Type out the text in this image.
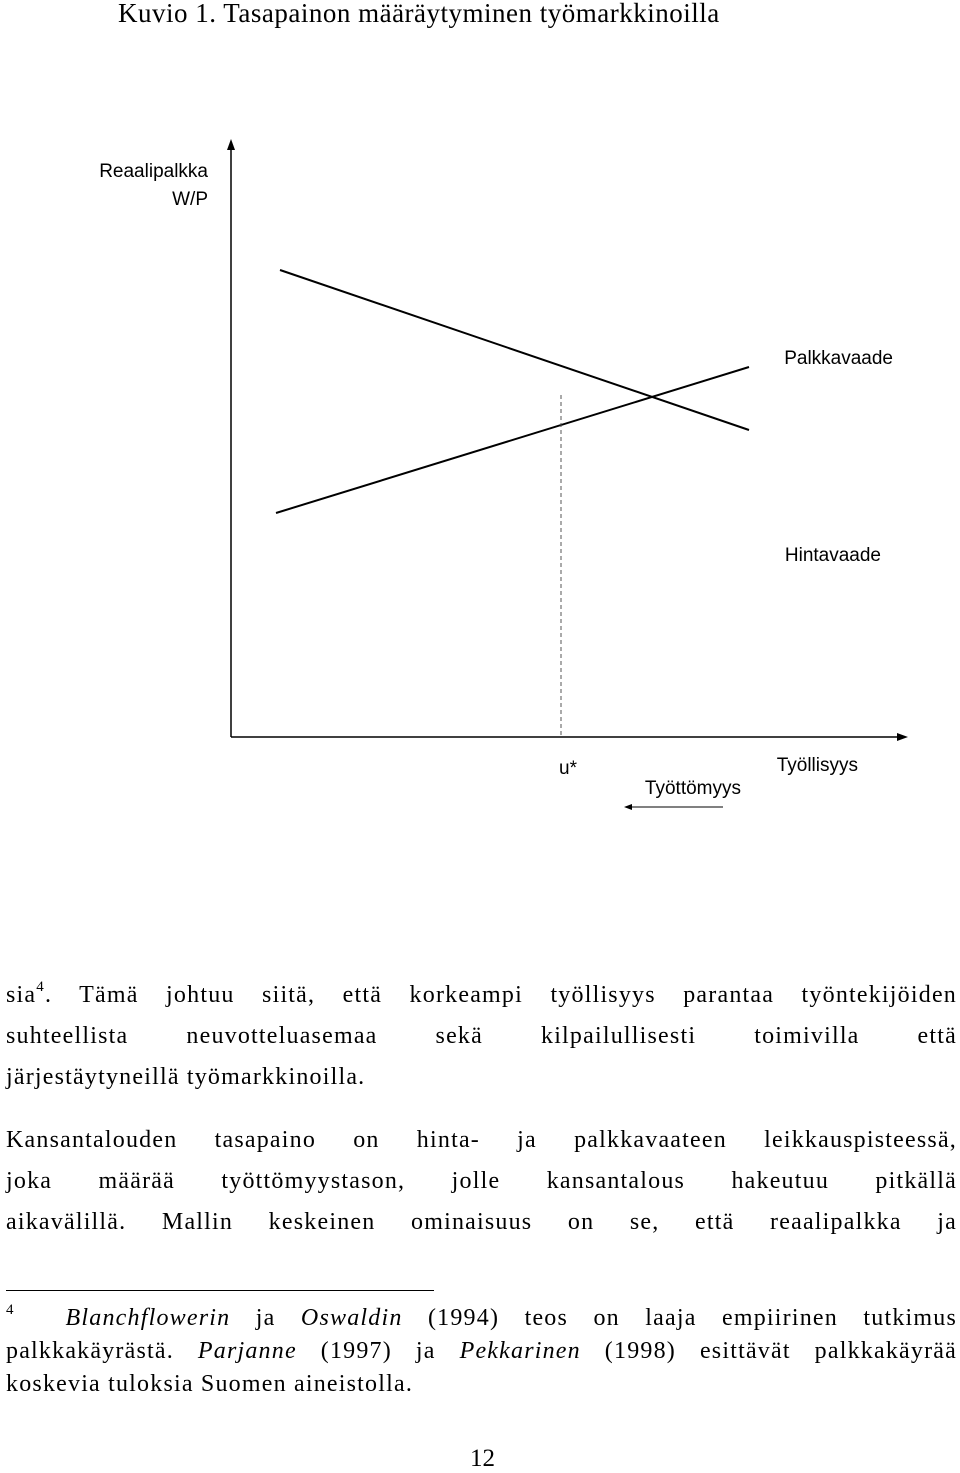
Kuvio 1. Tasapainon määräytyminen työmarkkinoilla
Reaalipalkka
W/P
Palkkavaade
Hintavaade
u*	Työllisyys
Työttömyys
sia$^4$. Tämä johtuu siitä, että korkeampi työllisyys parantaa työntekijöiden
suhteellista neuvotteluasemaa sekä kilpailullisesti toimivilla että
järjestäytyneillä työmarkkinoilla.
Kansantalouden tasapaino on hinta- ja palkkavaateen leikkauspisteessä,
joka määrää työttömyystason, jolle kansantalous hakeutuu pitkällä
aikavälillä. Mallin keskeinen ominaisuus on se, että reaalipalkka ja
$^4$ Blanchflowerin ja Oswaldin (1994) teos on laaja empiirinen tutkimus
palkkakäyrästä. Parjanne (1997) ja Pekkarinen (1998) esittävät palkkakäyrää
koskevia tuloksia Suomen aineistolla.
12
